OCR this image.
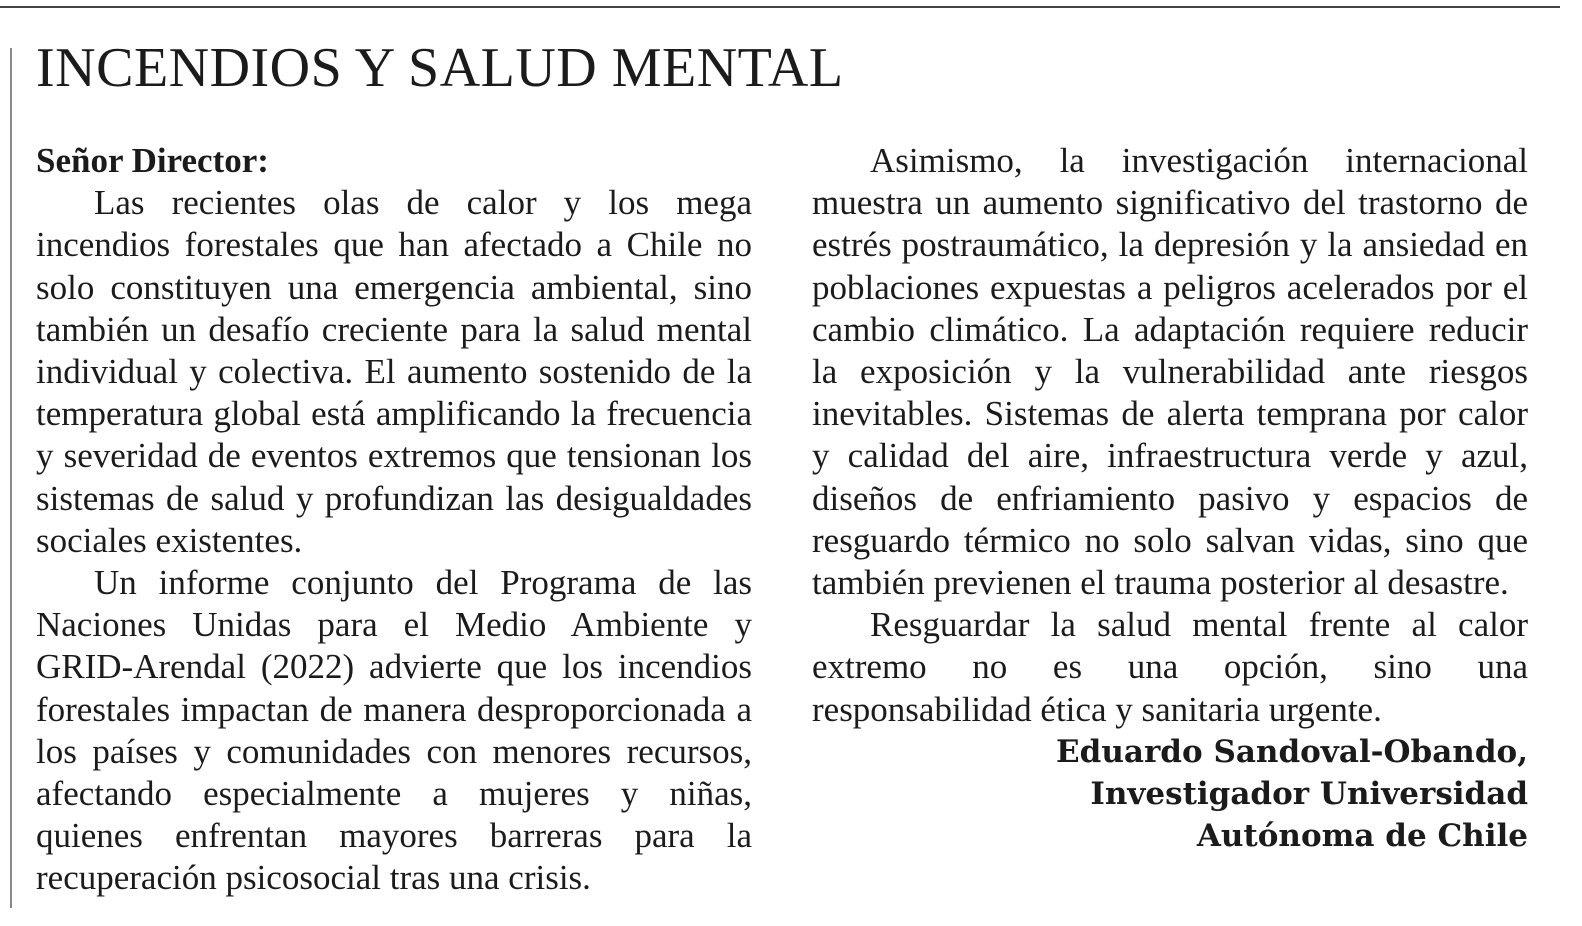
INCENDIOS Y SALUD MENTAL
Señor Director:

Las recientes olas de calor y los mega incendios forestales que han afectado a Chile no solo constituyen una emergencia ambiental, sino también un desafío creciente para la salud mental individual y colectiva. El aumento sostenido de la temperatura global está amplificando la frecuencia y severidad de eventos extremos que tensionan los sistemas de salud y profundizan las desigualdades sociales existentes.

Un informe conjunto del Programa de las Naciones Unidas para el Medio Ambiente y GRID-Arendal (2022) advierte que los incendios forestales impactan de manera desproporcionada a los países y comunidades con menores recursos, afectando especialmente a mujeres y niñas, quienes enfrentan mayores barreras para la recuperación psicosocial tras una crisis.

Asimismo, la investigación internacional muestra un aumento significativo del trastorno de estrés postraumático, la depresión y la ansiedad en poblaciones expuestas a peligros acelerados por el cambio climático. La adaptación requiere reducir la exposición y la vulnerabilidad ante riesgos inevitables. Sistemas de alerta temprana por calor y calidad del aire, infraestructura verde y azul, diseños de enfriamiento pasivo y espacios de resguardo térmico no solo salvan vidas, sino que también previenen el trauma posterior al desastre.

Resguardar la salud mental frente al calor extremo no es una opción, sino una responsabilidad ética y sanitaria urgente.

Eduardo Sandoval-Obando,
Investigador Universidad
Autónoma de Chile
